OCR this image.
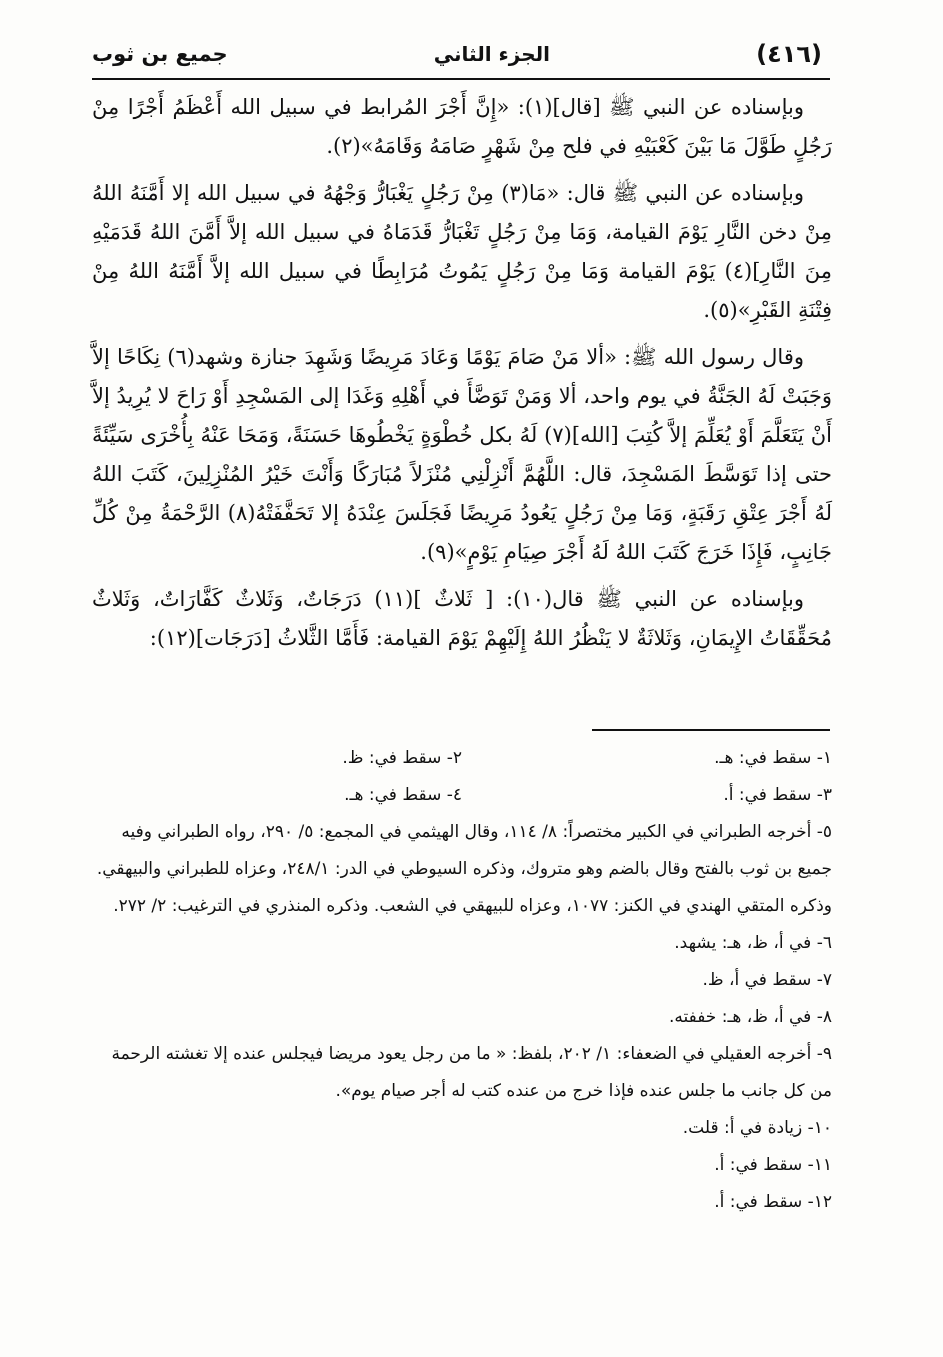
جميع بن ثوب	الجزء الثاني	(٤١٦)

وبإسناده عن النبي ﷺ [قال](١): «إِنَّ أَجْرَ المُرابط في سبيل الله أَعْظَمُ أَجْرًا مِنْ رَجُلٍ طَوَّلَ مَا بَيْنَ كَعْبَيْهِ في فلح مِنْ شَهْرٍ صَامَهُ وَقَامَهُ»(٢).

وبإسناده عن النبي ﷺ قال: «مَا(٣) مِنْ رَجُلٍ يَغْبَارُّ وَجْهُهُ في سبيل الله إلا أَمَّنَهُ اللهُ مِنْ دخن النَّارِ يَوْمَ القيامة، وَمَا مِنْ رَجُلٍ تَغْبَارُّ قَدَمَاهُ في سبيل الله إلاَّ أَمَّنَ اللهُ قَدَمَيْهِ مِنَ النَّارِ](٤) يَوْمَ القيامة وَمَا مِنْ رَجُلٍ يَمُوتُ مُرَابِطًا في سبيل الله إلاَّ أَمَّنَهُ اللهُ مِنْ فِتْنَةِ القَبْرِ»(٥).

وقال رسول الله ﷺ: «ألا مَنْ صَامَ يَوْمًا وَعَادَ مَرِيضًا وَشَهِدَ جنازة وشهد(٦) نِكَاحًا إلاَّ وَجَبَتْ لَهُ الجَنَّةُ في يوم واحد، ألا وَمَنْ تَوَضَّأَ في أَهْلِهِ وَغَدَا إلى المَسْجِدِ أَوْ رَاحَ لا يُرِيدُ إلاَّ أَنْ يَتَعَلَّمَ أَوْ يُعَلِّمَ إلاَّ كُتِبَ [الله](٧) لَهُ بكل خُطْوَةٍ يَخْطُوهَا حَسَنَةً، وَمَحَا عَنْهُ بِأُخْرَى سَيِّئَةً حتى إذا تَوَسَّطَ المَسْجِدَ، قال: اللَّهُمَّ أَنْزِلْنِي مُنْزَلاً مُبَارَكًا وَأَنْتَ خَيْرُ المُنْزِلِينَ، كَتَبَ اللهُ لَهُ أَجْرَ عِتْقِ رَقَبَةٍ، وَمَا مِنْ رَجُلٍ يَعُودُ مَرِيضًا فَجَلَسَ عِنْدَهُ إلا تَحَفَّفَتْهُ(٨) الرَّحْمَةُ مِنْ كُلِّ جَانِبٍ، فَإِذَا خَرَجَ كَتَبَ اللهُ لَهُ أَجْرَ صِيَامِ يَوْمٍ»(٩).

وبإسناده عن النبي ﷺ قال(١٠): [ ثَلاثٌ ](١١) دَرَجَاتٌ، وَثَلاثٌ كَفَّارَاتٌ، وَثَلاثٌ مُحَقِّقَاتُ الإِيمَانِ، وَثَلاثَةٌ لا يَنْظُرُ اللهُ إِلَيْهِمْ يَوْمَ القيامة: فَأَمَّا الثَّلاثُ [دَرَجَات](١٢):

١- سقط في: هـ.

٢- سقط في: ظ.

٣- سقط في: أ.

٤- سقط في: هـ.

٥- أخرجه الطبراني في الكبير مختصراً: ٨/ ١١٤، وقال الهيثمي في المجمع: ٥/ ٢٩٠، رواه الطبراني وفيه جميع بن ثوب بالفتح وقال بالضم وهو متروك، وذكره السيوطي في الدر: ٢٤٨/١، وعزاه للطبراني والبيهقي. وذكره المتقي الهندي في الكنز: ١٠٧٧، وعزاه للبيهقي في الشعب. وذكره المنذري في الترغيب: ٢/ ٢٧٢.

٦- في أ، ظ، هـ: يشهد.

٧- سقط في أ، ظ.

٨- في أ، ظ، هـ: خففته.

٩- أخرجه العقيلي في الضعفاء: ١/ ٢٠٢، بلفظ: « ما من رجل يعود مريضا فيجلس عنده إلا تغشته الرحمة من كل جانب ما جلس عنده فإذا خرج من عنده كتب له أجر صيام يوم».

١٠- زيادة في أ: قلت.

١١- سقط في: أ.

١٢- سقط في: أ.
